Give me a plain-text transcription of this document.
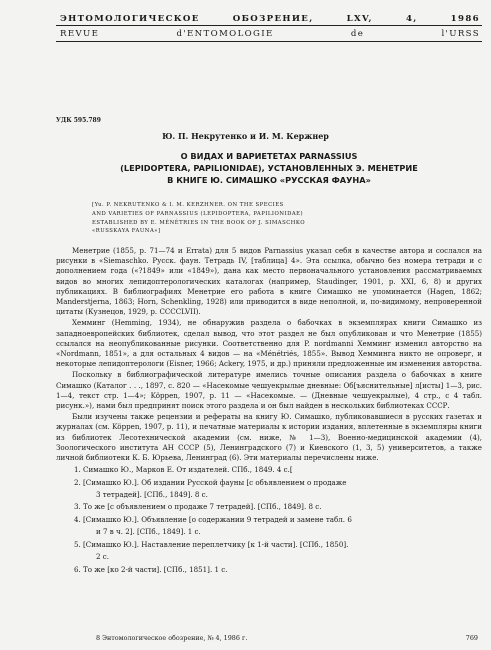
ЭНТОМОЛОГИЧЕСКОЕ ОБОЗРЕНИЕ, LXV, 4, 1986
REVUE d'ENTOMOLOGIE de l'URSS
УДК 595.789
Ю. П. Некрутенко и И. М. Кержнер
О ВИДАХ И ВАРИЕТЕТАХ PARNASSIUS
(LEPIDOPTERA, PAPILIONIDAE), УСТАНОВЛЕННЫХ Э. МЕНЕТРИЕ
В КНИГЕ Ю. СИМАШКО «РУССКАЯ ФАУНА»
[Yu. P. NEKRUTENKO & I. M. KERZHNER. ON THE SPECIES
AND VARIETIES OF PARNASSIUS (LEPIDOPTERA, PAPILIONIDAE)
ESTABLISHED BY E. MÉNÉTRIES IN THE BOOK OF J. SIMASCHKO
«RUSSKAYA FAUNA»]

Менетрие (1855, p. 71—74 и Errata) для 5 видов Parnassius указал себя в качестве автора и сослался на рисунки в «Siemaschko. Русск. фаун. Тетрадь IV, [таблица] 4». Эта ссылка, обычно без номера тетради и с дополнением года («?1849» или «1849»), дана как место первоначального установления рассматриваемых видов во многих лепидоптерологических каталогах (например, Staudinger, 1901, p. XXI, 6, 8) и других публикациях. В библиографиях Менетрие его работа в книге Симашко не упоминается (Hagen, 1862; Manderstjerna, 1863; Horn, Schenkling, 1928) или приводится в виде неполной, и, по-видимому, непроверенной цитаты (Кузнецов, 1929, р. CCCCLVII).

Хемминг (Hemming, 1934), не обнаружив раздела о бабочках в экземплярах книги Симашко из западноевропейских библиотек, сделал вывод, что этот раздел не был опубликован и что Менетрие (1855) ссылался на неопубликованные рисунки. Соответственно для P. nordmanni Хемминг изменил авторство на «Nordmann, 1851», а для остальных 4 видов — на «Ménétriés, 1855». Вывод Хемминга никто не опроверг, и некоторые лепидоптерологи (Eisner, 1966; Ackery, 1975, и др.) приняли предложенные им изменения авторства.

Поскольку в библиографической литературе имелись точные описания раздела о бабочках в книге Симашко (Каталог . . ., 1897, с. 820 — «Насекомые чешуекрылые дневные: Об[ъяснительные] л[исты] 1—3, рис. 1—4, текст стр. 1—4»; Köppen, 1907, p. 11 — «Насекомые. — (Дневные чешуекрылые), 4 стр., с 4 табл. рисунк.»), нами был предпринят поиск этого раздела и он был найден в нескольких библиотеках СССР.

Были изучены также рецензии и рефераты на книгу Ю. Симашко, публиковавшиеся в русских газетах и журналах (см. Köppen, 1907, p. 11), и печатные материалы к истории издания, вплетенные в экземпляры книги из библиотек Лесотехнической академии (см. ниже, № 1—3), Военно-медицинской академии (4), Зоологического института АН СССР (5), Ленинградского (7) и Киевского (1, 3, 5) университетов, а также личной библиотеки К. Б. Юрьева, Ленинград (6). Эти материалы перечислены ниже.

1. Симашко Ю., Марков Е. От издателей. СПб., 1849. 4 с.[
2. [Симашко Ю.]. Об издании Русской фауны [с объявлением о продаже
3 тетрадей]. [СПб., 1849]. 8 с.
3. То же [с объявлением о продаже 7 тетрадей]. [СПб., 1849]. 8 с.
4. [Симашко Ю.]. Объявление [о содержании 9 тетрадей и замене табл. 6
и 7 в ч. 2]. [СПб., 1849]. 1 с.
5. [Симашко Ю.]. Наставление переплетчику [к 1-й части]. [СПб., 1850].
2 с.
6. То же [ко 2-й части]. [СПб., 1851]. 1 с.
8 Энтомологическое обозрение, № 4, 1986 г.	769
